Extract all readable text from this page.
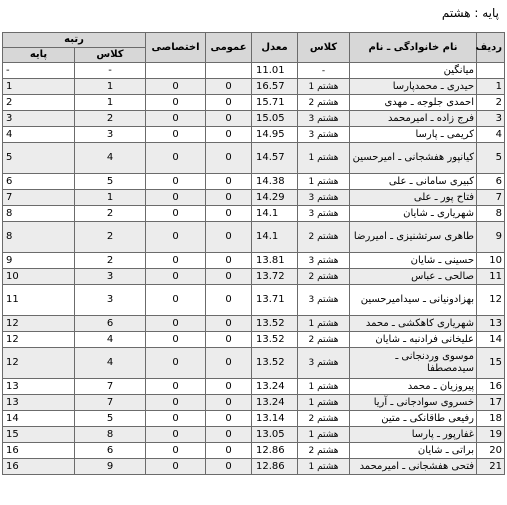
پایه : هشتم
ردیف	نام خانوادگی ـ نام	کلاس	معدل	عمومی	اختصاصی	رتبه	
						کلاس	پایه
	میانگین	-	11.01			-	-
1	حیدری ـ محمدپارسا	هشتم 1	16.57	0	0	1	1
2	احمدی جلوجه ـ مهدی	هشتم 2	15.71	0	0	1	2
3	فرج زاده ـ امیرمحمد	هشتم 3	15.05	0	0	2	3
4	کریمی ـ پارسا	هشتم 3	14.95	0	0	3	4
5	کیانپور هفشجانی ـ امیرحسین	هشتم 1	14.57	0	0	4	5
6	کبیری سامانی ـ علی	هشتم 1	14.38	0	0	5	6
7	فتاح پور ـ علی	هشتم 3	14.29	0	0	1	7
8	شهریاری ـ شایان	هشتم 3	14.1	0	0	2	8
9	طاهری سرتشنیزی ـ امیررضا	هشتم 2	14.1	0	0	2	8
10	حسینی ـ شایان	هشتم 3	13.81	0	0	2	9
11	صالحی ـ عباس	هشتم 2	13.72	0	0	3	10
12	بهزادونیانی ـ سیدامیرحسین	هشتم 3	13.71	0	0	3	11
13	شهریاری کاهکشی ـ محمد	هشتم 1	13.52	0	0	6	12
14	علیخانی فرادنبه ـ شایان	هشتم 2	13.52	0	0	4	12
15	موسوی وردنجانی ـ سیدمصطفا	هشتم 3	13.52	0	0	4	12
16	پیروزیان ـ محمد	هشتم 1	13.24	0	0	7	13
17	خسروی سوادجانی ـ آریا	هشتم 1	13.24	0	0	7	13
18	رفیعی طاقانکی ـ متین	هشتم 2	13.14	0	0	5	14
19	غفارپور ـ پارسا	هشتم 1	13.05	0	0	8	15
20	براتی ـ شایان	هشتم 2	12.86	0	0	6	16
21	فتحی هفشجانی ـ امیرمحمد	هشتم 1	12.86	0	0	9	16
